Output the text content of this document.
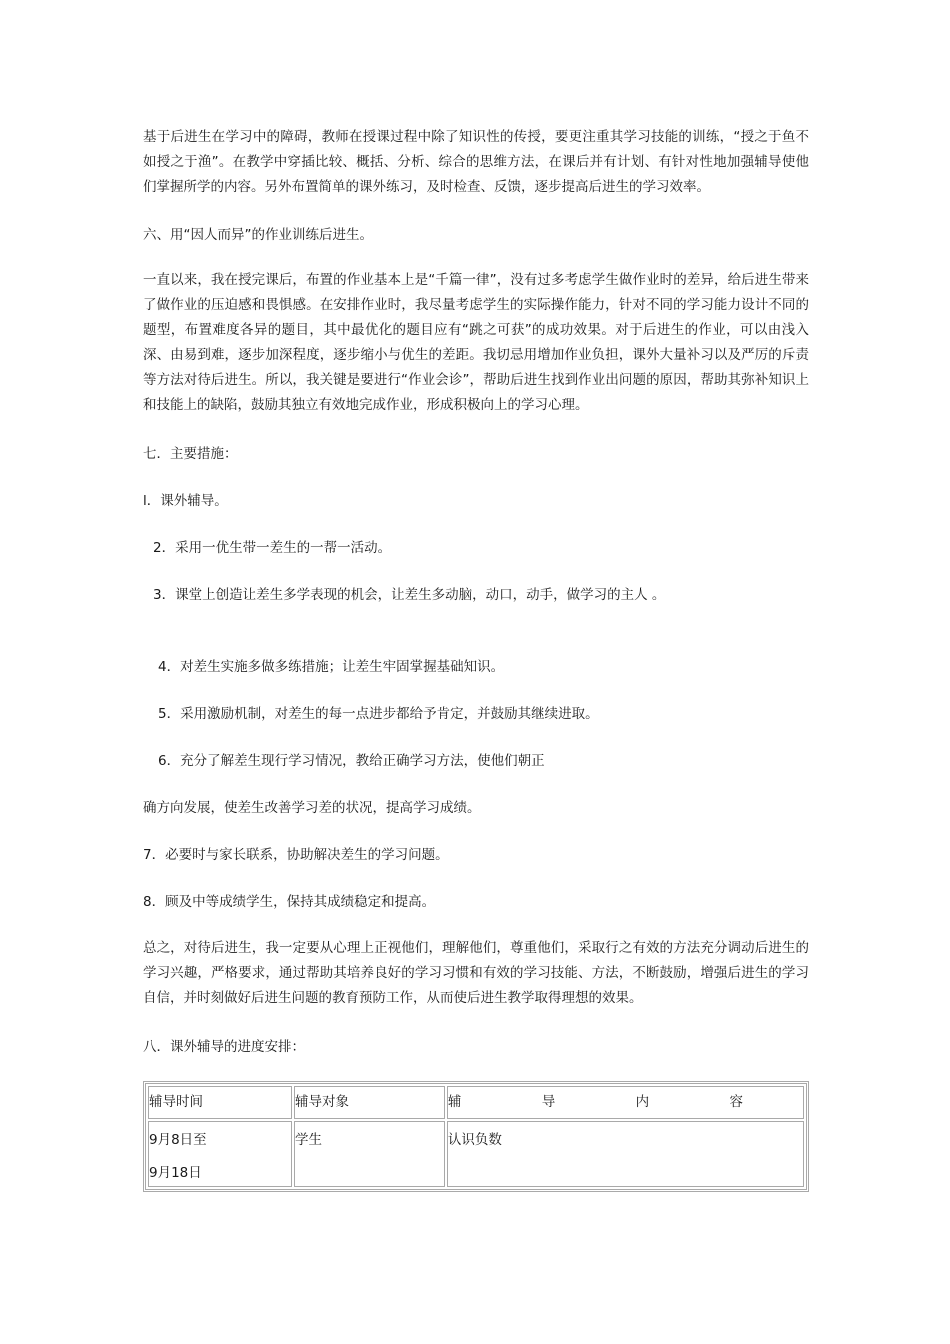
基于后进生在学习中的障碍，教师在授课过程中除了知识性的传授，要更注重其学习技能的训练，“授之于鱼不如授之于渔”。在教学中穿插比较、概括、分析、综合的思维方法，在课后并有计划、有针对性地加强辅导使他们掌握所学的内容。另外布置简单的课外练习，及时检查、反馈，逐步提高后进生的学习效率。

六、用“因人而异”的作业训练后进生。

一直以来，我在授完课后，布置的作业基本上是“千篇一律”，没有过多考虑学生做作业时的差异，给后进生带来了做作业的压迫感和畏惧感。在安排作业时，我尽量考虑学生的实际操作能力，针对不同的学习能力设计不同的题型，布置难度各异的题目，其中最优化的题目应有“跳之可获”的成功效果。对于后进生的作业，可以由浅入深、由易到难，逐步加深程度，逐步缩小与优生的差距。我切忌用增加作业负担，课外大量补习以及严厉的斥责等方法对待后进生。所以，我关键是要进行“作业会诊”，帮助后进生找到作业出问题的原因，帮助其弥补知识上和技能上的缺陷，鼓励其独立有效地完成作业，形成积极向上的学习心理。

七．主要措施：

l．课外辅导。

2．采用一优生带一差生的一帮一活动。

3．课堂上创造让差生多学表现的机会，让差生多动脑，动口，动手，做学习的主人 。

4．对差生实施多做多练措施；让差生牢固掌握基础知识。

5．采用激励机制，对差生的每一点进步都给予肯定，并鼓励其继续进取。

6．充分了解差生现行学习情况，教给正确学习方法，使他们朝正

确方向发展，使差生改善学习差的状况，提高学习成绩。

7．必要时与家长联系，协助解决差生的学习问题。

8．顾及中等成绩学生，保持其成绩稳定和提高。

总之，对待后进生，我一定要从心理上正视他们，理解他们，尊重他们，采取行之有效的方法充分调动后进生的学习兴趣，严格要求，通过帮助其培养良好的学习习惯和有效的学习技能、方法，不断鼓励，增强后进生的学习自信，并时刻做好后进生问题的教育预防工作，从而使后进生教学取得理想的效果。

八．课外辅导的进度安排：

辅导时间	辅导对象	辅 导 内 容

9月8日至
9月18日	学生	认识负数
